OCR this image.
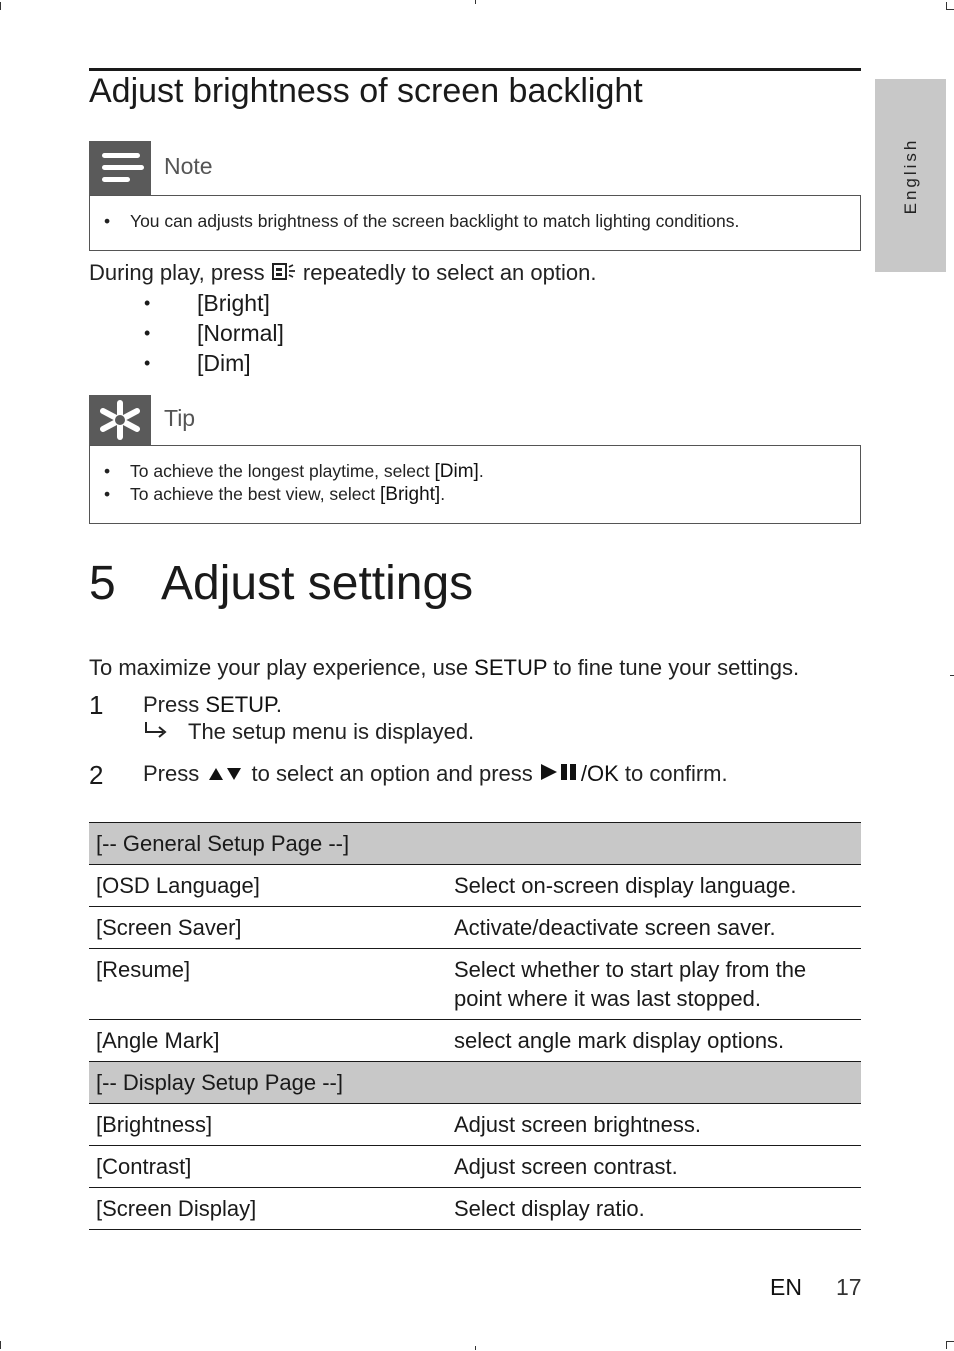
English
Adjust brightness of screen backlight
Note
• You can adjusts brightness of the screen backlight to match lighting conditions.
During play, press repeatedly to select an option.
• [Bright]
• [Normal]
• [Dim]
Tip
• To achieve the longest playtime, select [Dim].
• To achieve the best view, select [Bright].
5 Adjust settings
To maximize your play experience, use SETUP to fine tune your settings.
1 Press SETUP.
The setup menu is displayed.
2 Press  to select an option and press /OK to confirm.
[-- General Setup Page --]	
[OSD Language]	Select on-screen display language.
[Screen Saver]	Activate/deactivate screen saver.
[Resume]	Select whether to start play from the point where it was last stopped.
[Angle Mark]	select angle mark display options.
[-- Display Setup Page --]	
[Brightness]	Adjust screen brightness.
[Contrast]	Adjust screen contrast.
[Screen Display]	Select display ratio.
EN 17
